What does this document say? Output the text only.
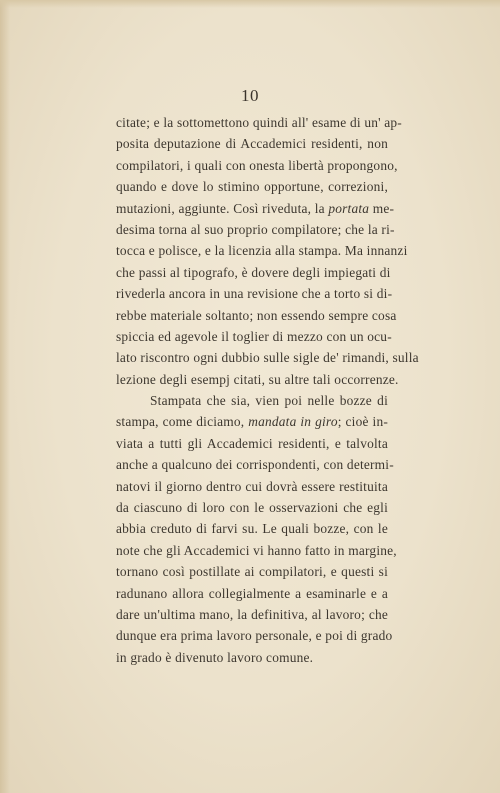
10
citate; e la sottomettono quindi all' esame di un' ap-
posita deputazione di Accademici residenti, non
compilatori, i quali con onesta libertà propongono,
quando e dove lo stimino opportune, correzioni,
mutazioni, aggiunte. Così riveduta, la portata me-
desima torna al suo proprio compilatore; che la ri-
tocca e polisce, e la licenzia alla stampa. Ma innanzi
che passi al tipografo, è dovere degli impiegati di
rivederla ancora in una revisione che a torto si di-
rebbe materiale soltanto; non essendo sempre cosa
spiccia ed agevole il toglier di mezzo con un ocu-
lato riscontro ogni dubbio sulle sigle de' rimandi, sulla
lezione degli esempj citati, su altre tali occorrenze.
Stampata che sia, vien poi nelle bozze di
stampa, come diciamo, mandata in giro; cioè in-
viata a tutti gli Accademici residenti, e talvolta
anche a qualcuno dei corrispondenti, con determi-
natovi il giorno dentro cui dovrà essere restituita
da ciascuno di loro con le osservazioni che egli
abbia creduto di farvi su. Le quali bozze, con le
note che gli Accademici vi hanno fatto in margine,
tornano così postillate ai compilatori, e questi si
radunano allora collegialmente a esaminarle e a
dare un'ultima mano, la definitiva, al lavoro; che
dunque era prima lavoro personale, e poi di grado
in grado è divenuto lavoro comune.
